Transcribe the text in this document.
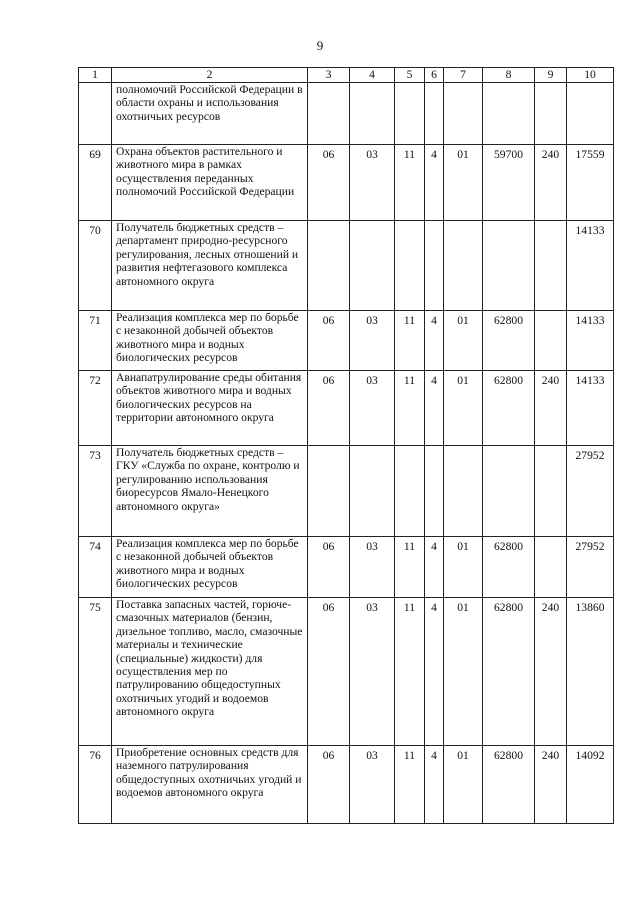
9
1	2	3	4	5	6	7	8	9	10
	полномочий Российской Федерации в области охраны и использования охотничьих ресурсов								
69	Охрана объектов растительного и животного мира в рамках осуществления переданных полномочий Российской Федерации	06	03	11	4	01	59700	240	17559
70	Получатель бюджетных средств – департамент природно-ресурсного регулирования, лесных отношений и развития нефтегазового комплекса автономного округа								14133
71	Реализация комплекса мер по борьбе с незаконной добычей объектов животного мира и водных биологических ресурсов	06	03	11	4	01	62800		14133
72	Авиапатрулирование среды обитания объектов животного мира и водных биологических ресурсов на территории автономного округа	06	03	11	4	01	62800	240	14133
73	Получатель бюджетных средств – ГКУ «Служба по охране, контролю и регулированию использования биоресурсов Ямало-Ненецкого автономного округа»								27952
74	Реализация комплекса мер по борьбе с незаконной добычей объектов животного мира и водных биологических ресурсов	06	03	11	4	01	62800		27952
75	Поставка запасных частей, горюче-смазочных материалов (бензин, дизельное топливо, масло, смазочные материалы и технические (специальные) жидкости) для осуществления мер по патрулированию общедоступных охотничьих угодий и водоемов автономного округа	06	03	11	4	01	62800	240	13860
76	Приобретение основных средств для наземного патрулирования общедоступных охотничьих угодий и водоемов автономного округа	06	03	11	4	01	62800	240	14092
